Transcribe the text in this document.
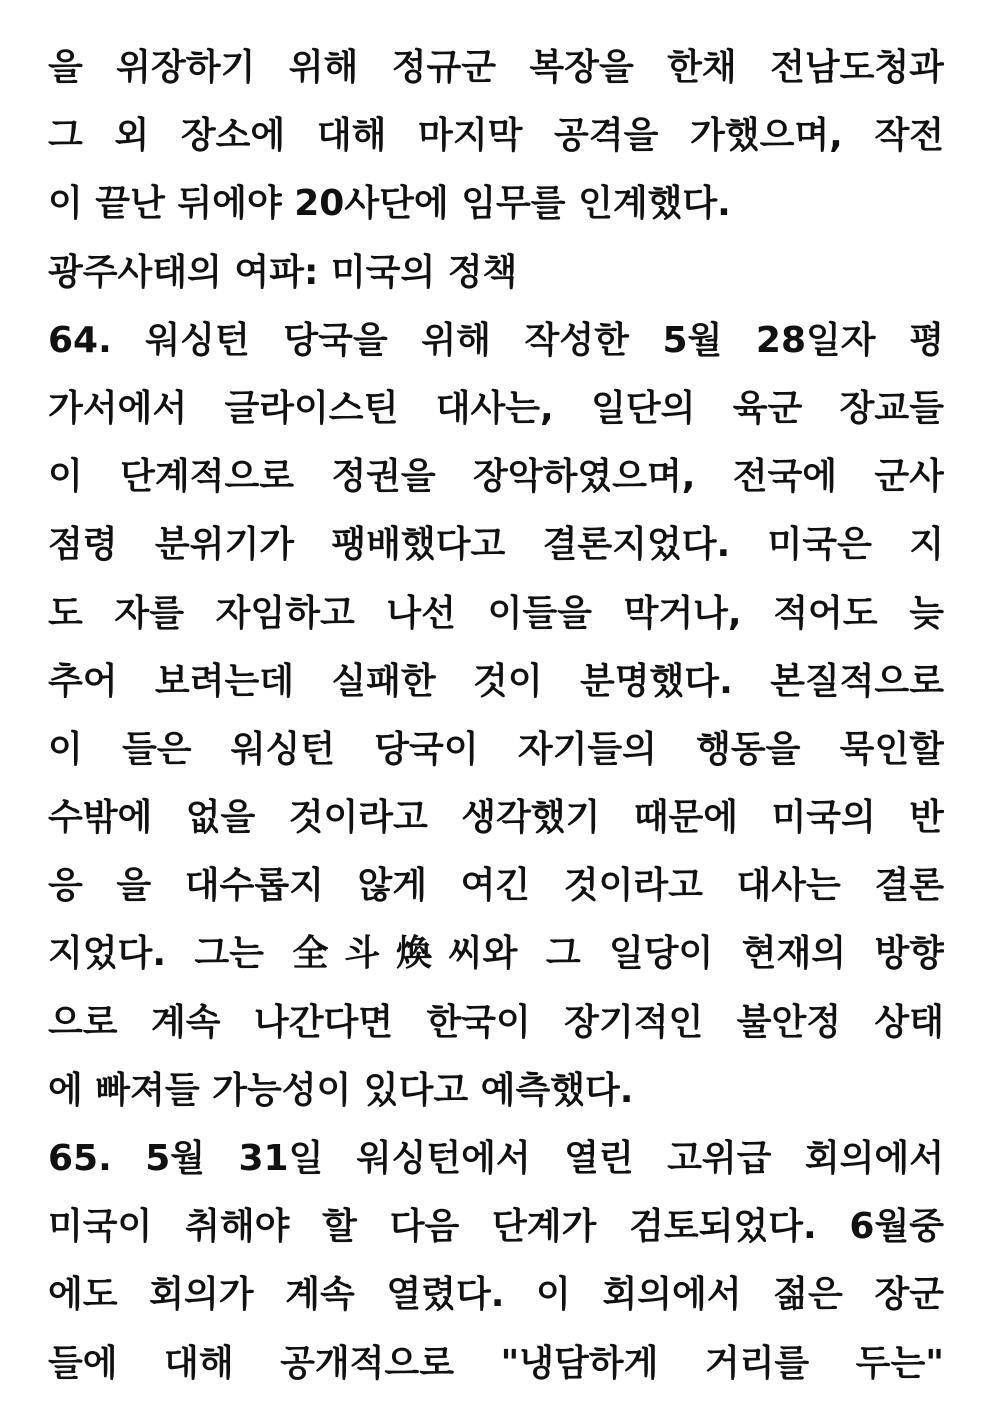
을 위장하기 위해 정규군 복장을 한채 전남도청과
그 외 장소에 대해 마지막 공격을 가했으며, 작전
이 끝난 뒤에야 20사단에 임무를 인계했다.
광주사태의 여파: 미국의 정책
64. 워싱턴 당국을 위해 작성한 5월 28일자 평
가서에서 글라이스틴 대사는, 일단의 육군 장교들
이 단계적으로 정권을 장악하였으며, 전국에 군사
점령 분위기가 팽배했다고 결론지었다. 미국은 지
도 자를 자임하고 나선 이들을 막거나, 적어도 늦
추어 보려는데 실패한 것이 분명했다. 본질적으로
이 들은 워싱턴 당국이 자기들의 행동을 묵인할
수밖에 없을 것이라고 생각했기 때문에 미국의 반
응 을 대수롭지 않게 여긴 것이라고 대사는 결론
지었다. 그는 全斗煥씨와 그 일당이 현재의 방향
으로 계속 나간다면 한국이 장기적인 불안정 상태
에 빠져들 가능성이 있다고 예측했다.
65. 5월 31일 워싱턴에서 열린 고위급 회의에서
미국이 취해야 할 다음 단계가 검토되었다. 6월중
에도 회의가 계속 열렸다. 이 회의에서 젊은 장군
들에 대해 공개적으로 "냉담하게 거리를 두는"
